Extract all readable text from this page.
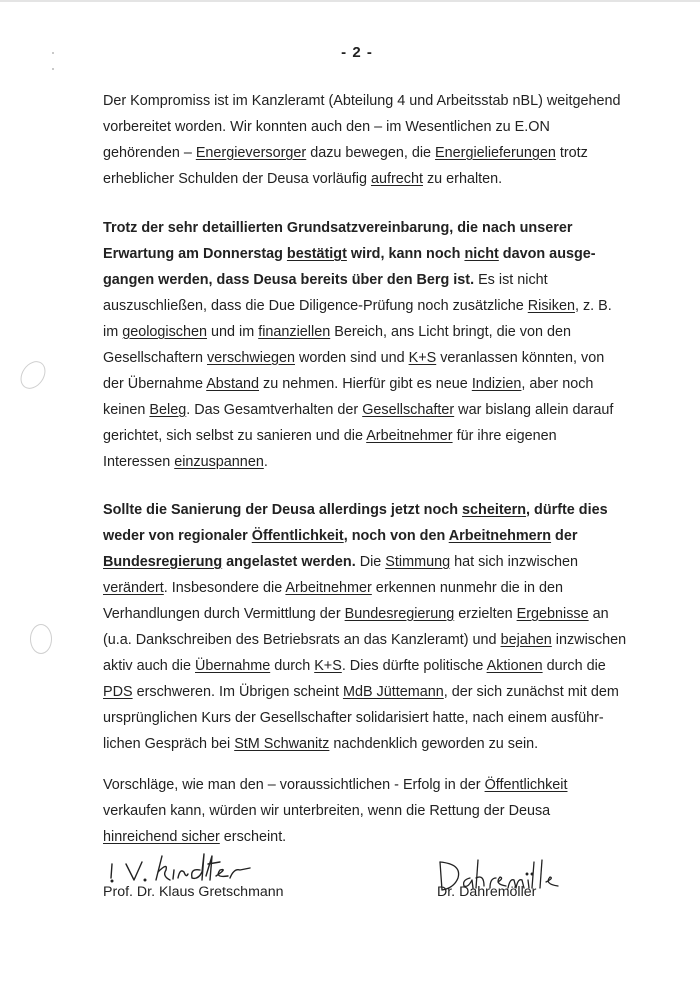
- 2 -

Der Kompromiss ist im Kanzleramt (Abteilung 4 und Arbeitsstab nBL) weitgehend
vorbereitet worden. Wir konnten auch den – im Wesentlichen zu E.ON
gehörenden – Energieversorger dazu bewegen, die Energielieferungen trotz
erheblicher Schulden der Deusa vorläufig aufrecht zu erhalten.

Trotz der sehr detaillierten Grundsatzvereinbarung, die nach unserer
Erwartung am Donnerstag bestätigt wird, kann noch nicht davon ausge-
gangen werden, dass Deusa bereits über den Berg ist. Es ist nicht
auszuschließen, dass die Due Diligence-Prüfung noch zusätzliche Risiken, z. B.
im geologischen und im finanziellen Bereich, ans Licht bringt, die von den
Gesellschaftern verschwiegen worden sind und K+S veranlassen könnten, von
der Übernahme Abstand zu nehmen. Hierfür gibt es neue Indizien, aber noch
keinen Beleg. Das Gesamtverhalten der Gesellschafter war bislang allein darauf
gerichtet, sich selbst zu sanieren und die Arbeitnehmer für ihre eigenen
Interessen einzuspannen.

Sollte die Sanierung der Deusa allerdings jetzt noch scheitern, dürfte dies
weder von regionaler Öffentlichkeit, noch von den Arbeitnehmern der
Bundesregierung angelastet werden. Die Stimmung hat sich inzwischen
verändert. Insbesondere die Arbeitnehmer erkennen nunmehr die in den
Verhandlungen durch Vermittlung der Bundesregierung erzielten Ergebnisse an
(u.a. Dankschreiben des Betriebsrats an das Kanzleramt) und bejahen inzwischen
aktiv auch die Übernahme durch K+S. Dies dürfte politische Aktionen durch die
PDS erschweren. Im Übrigen scheint MdB Jüttemann, der sich zunächst mit dem
ursprünglichen Kurs der Gesellschafter solidarisiert hatte, nach einem ausführ-
lichen Gespräch bei StM Schwanitz nachdenklich geworden zu sein.

Vorschläge, wie man den – voraussichtlichen - Erfolg in der Öffentlichkeit
verkaufen kann, würden wir unterbreiten, wenn die Rettung der Deusa
hinreichend sicher erscheint.

Prof. Dr. Klaus Gretschmann	Dr. Dahremöller
